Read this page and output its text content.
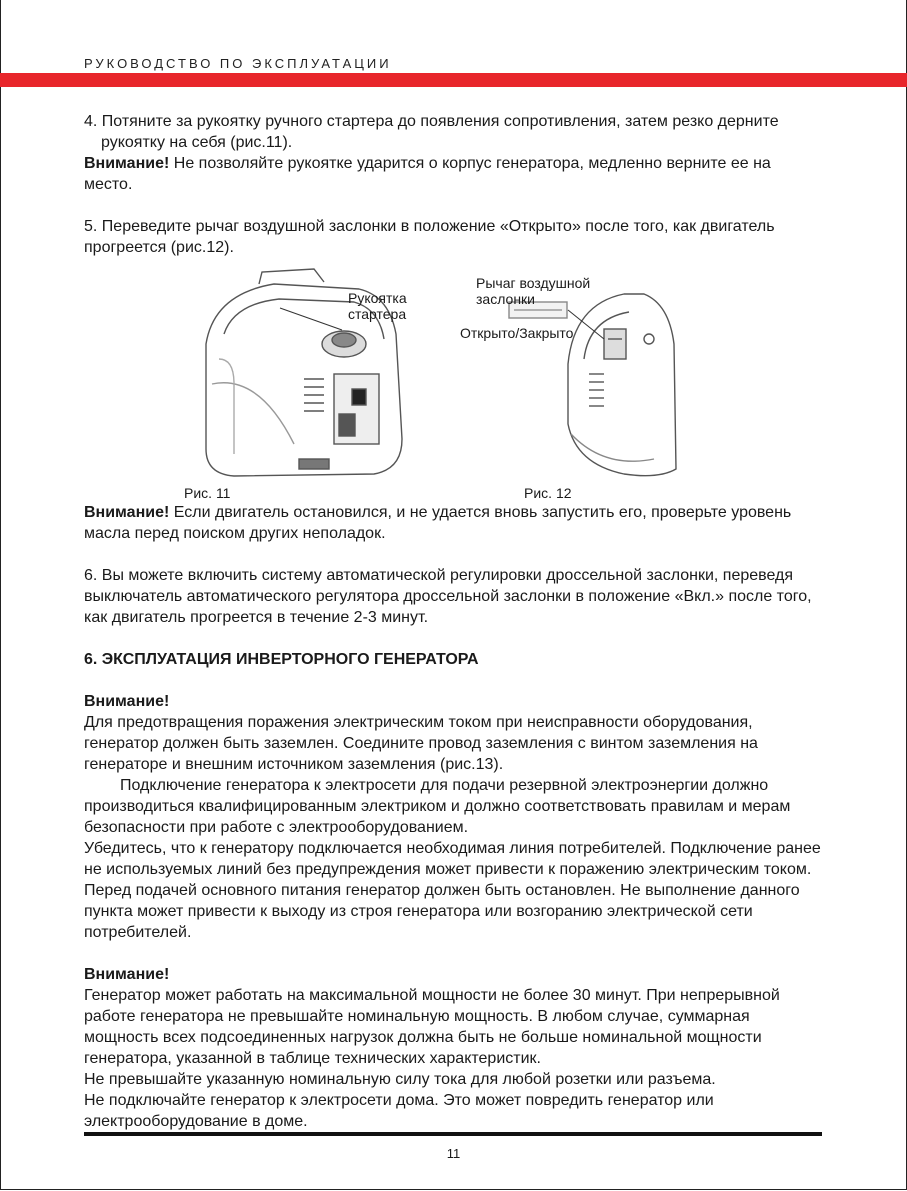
РУКОВОДСТВО ПО ЭКСПЛУАТАЦИИ

4. Потяните за рукоятку ручного стартера до появления сопротивления, затем резко дерните рукоятку на себя (рис.11).

Внимание! Не позволяйте рукоятке ударится о корпус генератора, медленно верните ее на место.

5. Переведите рычаг воздушной заслонки в положение «Открыто» после того, как двигатель прогреется (рис.12).

Рукоятка
стартера
Рычаг воздушной
заслонки
Открыто/Закрыто
Рис. 11	Рис. 12

Внимание! Если двигатель остановился, и не удается вновь запустить его, проверьте уровень масла перед поиском других неполадок.

6. Вы можете включить систему автоматической регулировки дроссельной заслонки, переведя выключатель автоматического регулятора дроссельной заслонки в положение «Вкл.» после того, как двигатель прогреется в течение 2-3 минут.

6. ЭКСПЛУАТАЦИЯ ИНВЕРТОРНОГО ГЕНЕРАТОРА

Внимание!

Для предотвращения поражения электрическим током при неисправности оборудования, генератор должен быть заземлен. Соедините провод заземления с винтом заземления на генераторе и внешним источником заземления (рис.13).

Подключение генератора к электросети для подачи резервной электроэнергии должно производиться квалифицированным электриком и должно соответствовать правилам и мерам безопасности при работе с электрооборудованием.

Убедитесь, что к генератору подключается необходимая линия потребителей. Подключение ранее не используемых линий без предупреждения может привести к поражению электрическим током.

Перед подачей основного питания генератор должен быть остановлен. Не выполнение данного пункта может привести к выходу из строя генератора или возгоранию электрической сети потребителей.

Внимание!

Генератор может работать на максимальной мощности не более 30 минут. При непрерывной работе генератора не превышайте номинальную мощность. В любом случае, суммарная мощность всех подсоединенных нагрузок должна быть не больше номинальной мощности генератора, указанной в таблице технических характеристик.

Не превышайте указанную номинальную силу тока для любой розетки или разъема.

Не подключайте генератор к электросети дома. Это может повредить генератор или электрооборудование в доме.

11
